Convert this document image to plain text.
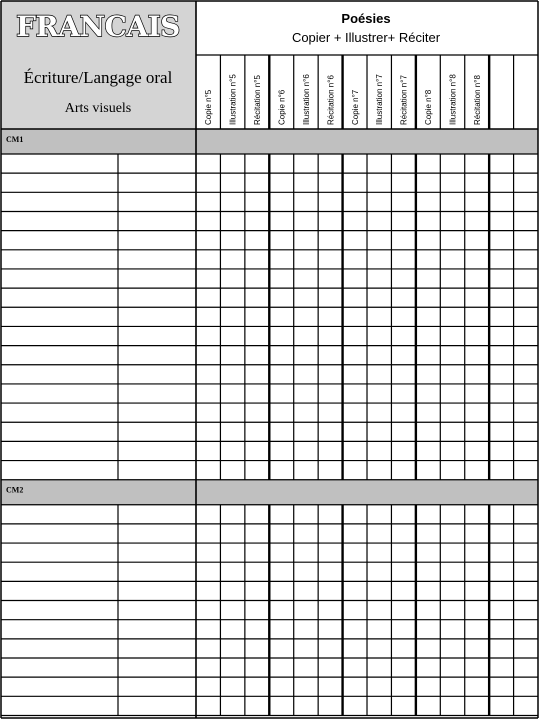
FRANCAIS
Écriture/Langage oral
Arts visuels
Poésies
Copier + Illustrer+ Réciter
Copie n°5 Illustration n°5 Récitation n°5 Copie n°6 Illustration n°6 Récitation n°6 Copie n°7 Illustration n°7 Récitation n°7 Copie n°8 Illustration n°8 Récitation n°8
CM1
CM2
